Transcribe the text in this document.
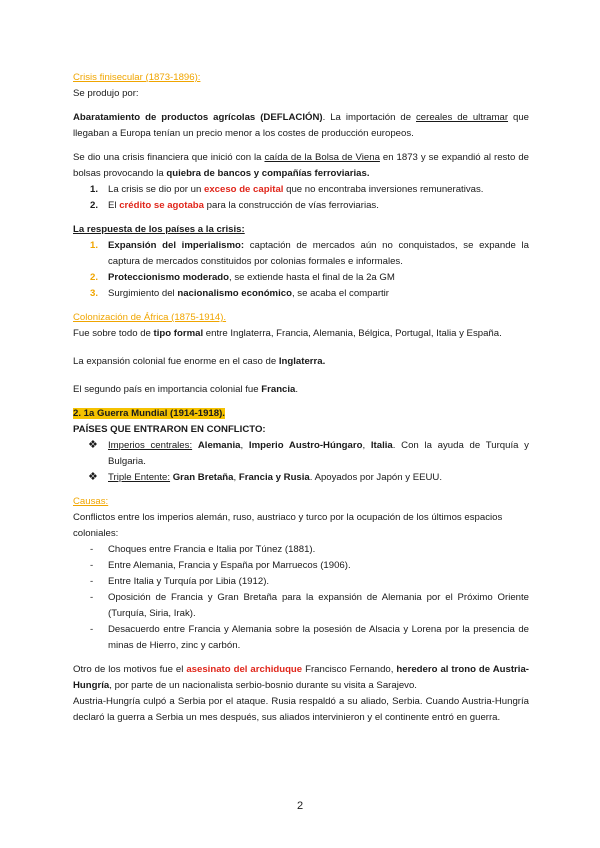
Crisis finisecular (1873-1896):

Se produjo por:

Abaratamiento de productos agrícolas (DEFLACIÓN). La importación de cereales de ultramar que llegaban a Europa tenían un precio menor a los costes de producción europeos.

Se dio una crisis financiera que inició con la caída de la Bolsa de Viena en 1873 y se expandió al resto de bolsas provocando la quiebra de bancos y compañías ferroviarias.

1. La crisis se dio por un exceso de capital que no encontraba inversiones remunerativas.
2. El crédito se agotaba para la construcción de vías ferroviarias.

La respuesta de los países a la crisis:

1. Expansión del imperialismo: captación de mercados aún no conquistados, se expande la captura de mercados constituidos por colonias formales e informales.
2. Proteccionismo moderado, se extiende hasta el final de la 2a GM
3. Surgimiento del nacionalismo económico, se acaba el compartir

Colonización de África (1875-1914).

Fue sobre todo de tipo formal entre Inglaterra, Francia, Alemania, Bélgica, Portugal, Italia y España.

La expansión colonial fue enorme en el caso de Inglaterra.

El segundo país en importancia colonial fue Francia.

2. 1a Guerra Mundial (1914-1918).

PAÍSES QUE ENTRARON EN CONFLICTO:

❖ Imperios centrales: Alemania, Imperio Austro-Húngaro, Italia. Con la ayuda de Turquía y Bulgaria.
❖ Triple Entente: Gran Bretaña, Francia y Rusia. Apoyados por Japón y EEUU.

Causas:

Conflictos entre los imperios alemán, ruso, austriaco y turco por la ocupación de los últimos espacios coloniales:

- Choques entre Francia e Italia por Túnez (1881).
- Entre Alemania, Francia y España por Marruecos (1906).
- Entre Italia y Turquía por Libia (1912).
- Oposición de Francia y Gran Bretaña para la expansión de Alemania por el Próximo Oriente (Turquía, Siria, Irak).
- Desacuerdo entre Francia y Alemania sobre la posesión de Alsacia y Lorena por la presencia de minas de Hierro, zinc y carbón.

Otro de los motivos fue el asesinato del archiduque Francisco Fernando, heredero al trono de Austria-Hungría, por parte de un nacionalista serbio-bosnio durante su visita a Sarajevo.

Austria-Hungría culpó a Serbia por el ataque. Rusia respaldó a su aliado, Serbia. Cuando Austria-Hungría declaró la guerra a Serbia un mes después, sus aliados intervinieron y el continente entró en guerra.

2
